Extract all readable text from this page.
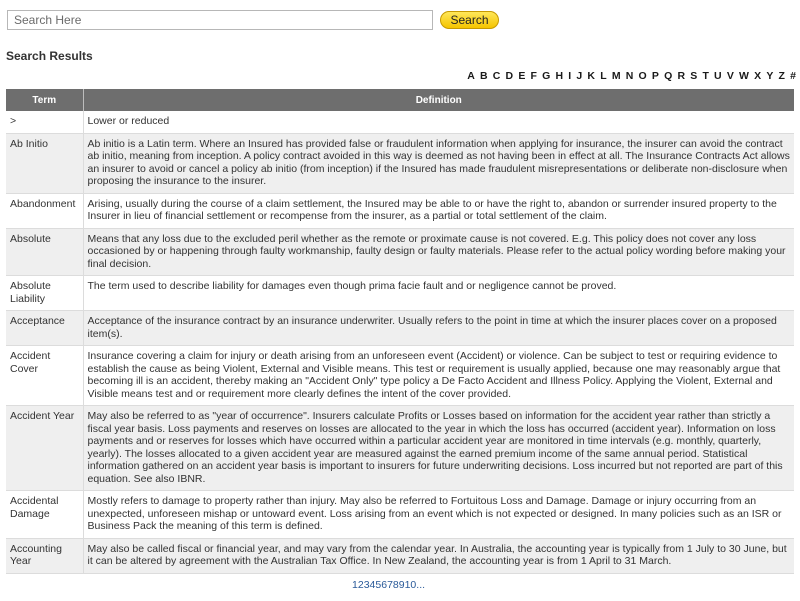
Search Here
Search
Search Results
A B C D E F G H I J K L M N O P Q R S T U V W X Y Z #
Term	Definition
>	Lower or reduced
Ab Initio	Ab initio is a Latin term. Where an Insured has provided false or fraudulent information when applying for insurance, the insurer can avoid the contract ab initio, meaning from inception. A policy contract avoided in this way is deemed as not having been in effect at all. The Insurance Contracts Act allows an insurer to avoid or cancel a policy ab initio (from inception) if the Insured has made fraudulent misrepresentations or deliberate non-disclosure when proposing the insurance to the insurer.
Abandonment	Arising, usually during the course of a claim settlement, the Insured may be able to or have the right to, abandon or surrender insured property to the Insurer in lieu of financial settlement or recompense from the insurer, as a partial or total settlement of the claim.
Absolute	Means that any loss due to the excluded peril whether as the remote or proximate cause is not covered. E.g. This policy does not cover any loss occasioned by or happening through faulty workmanship, faulty design or faulty materials. Please refer to the actual policy wording before making your final decision.
Absolute Liability	The term used to describe liability for damages even though prima facie fault and or negligence cannot be proved.
Acceptance	Acceptance of the insurance contract by an insurance underwriter. Usually refers to the point in time at which the insurer places cover on a proposed item(s).
Accident Cover	Insurance covering a claim for injury or death arising from an unforeseen event (Accident) or violence. Can be subject to test or requiring evidence to establish the cause as being Violent, External and Visible means. This test or requirement is usually applied, because one may reasonably argue that becoming ill is an accident, thereby making an "Accident Only" type policy a De Facto Accident and Illness Policy. Applying the Violent, External and Visible means test and or requirement more clearly defines the intent of the cover provided.
Accident Year	May also be referred to as "year of occurrence". Insurers calculate Profits or Losses based on information for the accident year rather than strictly a fiscal year basis. Loss payments and reserves on losses are allocated to the year in which the loss has occurred (accident year). Information on loss payments and or reserves for losses which have occurred within a particular accident year are monitored in time intervals (e.g. monthly, quarterly, yearly). The losses allocated to a given accident year are measured against the earned premium income of the same annual period. Statistical information gathered on an accident year basis is important to insurers for future underwriting decisions. Loss incurred but not reported are part of this equation. See also IBNR.
Accidental Damage	Mostly refers to damage to property rather than injury. May also be referred to Fortuitous Loss and Damage. Damage or injury occurring from an unexpected, unforeseen mishap or untoward event. Loss arising from an event which is not expected or designed. In many policies such as an ISR or Business Pack the meaning of this term is defined.
Accounting Year	May also be called fiscal or financial year, and may vary from the calendar year. In Australia, the accounting year is typically from 1 July to 30 June, but it can be altered by agreement with the Australian Tax Office. In New Zealand, the accounting year is from 1 April to 31 March.
12345678910...
